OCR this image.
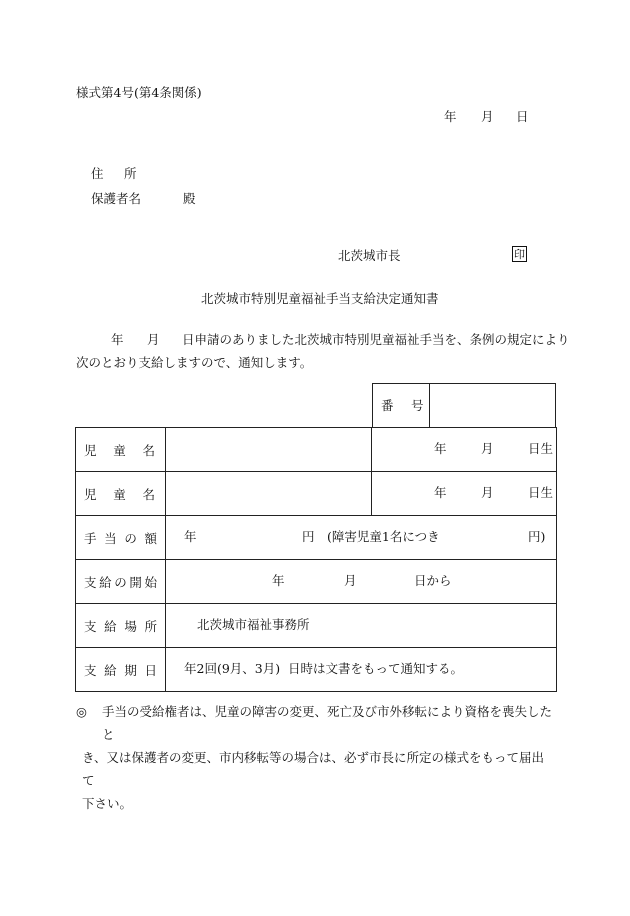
様式第4号(第4条関係)
年 月 日
住 所
保護者名	殿
北茨城市長	印
北茨城市特別児童福祉手当支給決定通知書
年 月 日申請のありました北茨城市特別児童福祉手当を、条例の規定により
次のとおり支給しますので、通知します。
番 号
児 童 名		年 月 日生

児 童 名		年 月 日生

手 当 の 額	年 円 (障害児童1名につき 円)	

支 給 の 開 始	年 月 日から	

支 給 場 所	北茨城市福祉事務所	

支 給 期 日	年2回(9月、3月)  日時は文書をもって通知する。	
◎	手当の受給権者は、児童の障害の変更、死亡及び市外移転により資格を喪失したと
き、又は保護者の変更、市内移転等の場合は、必ず市長に所定の様式をもって届出て
下さい。
